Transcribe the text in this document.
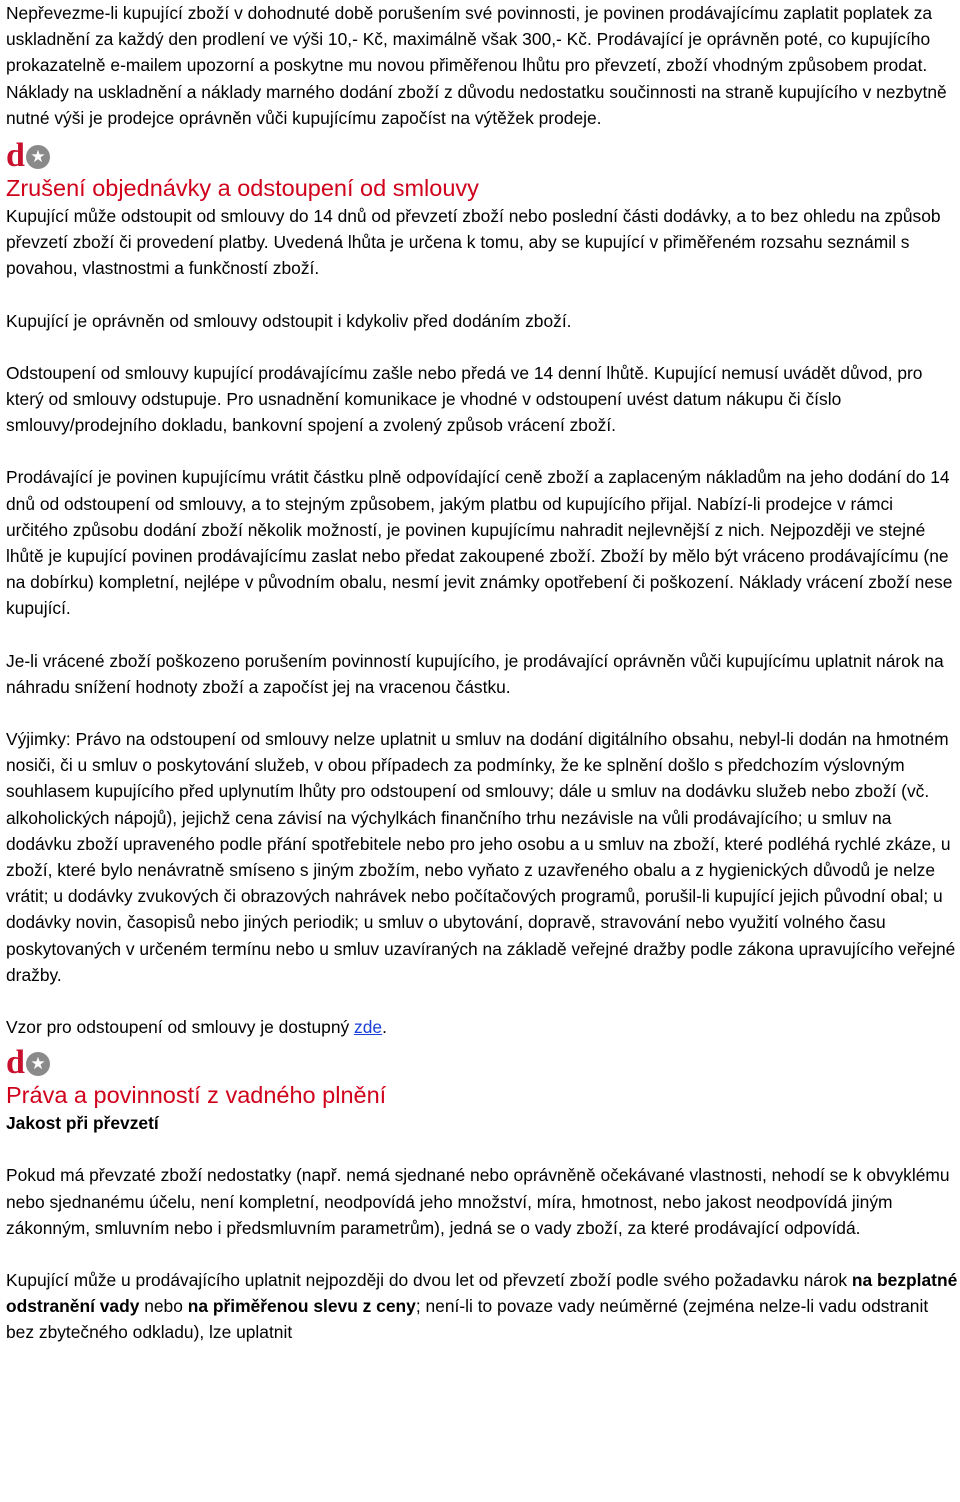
Nepřevezme-li kupující zboží v dohodnuté době porušením své povinnosti, je povinen prodávajícímu zaplatit poplatek za uskladnění za každý den prodlení ve výši 10,- Kč, maximálně však 300,- Kč. Prodávající je oprávněn poté, co kupujícího prokazatelně e-mailem upozorní a poskytne mu novou přiměřenou lhůtu pro převzetí, zboží vhodným způsobem prodat. Náklady na uskladnění a náklady marného dodání zboží z důvodu nedostatku součinnosti na straně kupujícího v nezbytně nutné výši je prodejce oprávněn vůči kupujícímu započíst na výtěžek prodeje.

d ★
Zrušení objednávky a odstoupení od smlouvy

Kupující může odstoupit od smlouvy do 14 dnů od převzetí zboží nebo poslední části dodávky, a to bez ohledu na způsob převzetí zboží či provedení platby. Uvedená lhůta je určena k tomu, aby se kupující v přiměřeném rozsahu seznámil s povahou, vlastnostmi a funkčností zboží.

Kupující je oprávněn od smlouvy odstoupit i kdykoliv před dodáním zboží.

Odstoupení od smlouvy kupující prodávajícímu zašle nebo předá ve 14 denní lhůtě. Kupující nemusí uvádět důvod, pro který od smlouvy odstupuje. Pro usnadnění komunikace je vhodné v odstoupení uvést datum nákupu či číslo smlouvy/prodejního dokladu, bankovní spojení a zvolený způsob vrácení zboží.

Prodávající je povinen kupujícímu vrátit částku plně odpovídající ceně zboží a zaplaceným nákladům na jeho dodání do 14 dnů od odstoupení od smlouvy, a to stejným způsobem, jakým platbu od kupujícího přijal. Nabízí-li prodejce v rámci určitého způsobu dodání zboží několik možností, je povinen kupujícímu nahradit nejlevnější z nich. Nejpozději ve stejné lhůtě je kupující povinen prodávajícímu zaslat nebo předat zakoupené zboží. Zboží by mělo být vráceno prodávajícímu (ne na dobírku) kompletní, nejlépe v původním obalu, nesmí jevit známky opotřebení či poškození. Náklady vrácení zboží nese kupující.

Je-li vrácené zboží poškozeno porušením povinností kupujícího, je prodávající oprávněn vůči kupujícímu uplatnit nárok na náhradu snížení hodnoty zboží a započíst jej na vracenou částku.

Výjimky: Právo na odstoupení od smlouvy nelze uplatnit u smluv na dodání digitálního obsahu, nebyl-li dodán na hmotném nosiči, či u smluv o poskytování služeb, v obou případech za podmínky, že ke splnění došlo s předchozím výslovným souhlasem kupujícího před uplynutím lhůty pro odstoupení od smlouvy; dále u smluv na dodávku služeb nebo zboží (vč. alkoholických nápojů), jejichž cena závisí na výchylkách finančního trhu nezávisle na vůli prodávajícího; u smluv na dodávku zboží upraveného podle přání spotřebitele nebo pro jeho osobu a u smluv na zboží, které podléhá rychlé zkáze, u zboží, které bylo nenávratně smíseno s jiným zbožím, nebo vyňato z uzavřeného obalu a z hygienických důvodů je nelze vrátit; u dodávky zvukových či obrazových nahrávek nebo počítačových programů, porušil-li kupující jejich původní obal; u dodávky novin, časopisů nebo jiných periodik; u smluv o ubytování, dopravě, stravování nebo využití volného času poskytovaných v určeném termínu nebo u smluv uzavíraných na základě veřejné dražby podle zákona upravujícího veřejné dražby.

Vzor pro odstoupení od smlouvy je dostupný zde.

d ★
Práva a povinností z vadného plnění
Jakost při převzetí

Pokud má převzaté zboží nedostatky (např. nemá sjednané nebo oprávněně očekávané vlastnosti, nehodí se k obvyklému nebo sjednanému účelu, není kompletní, neodpovídá jeho množství, míra, hmotnost, nebo jakost neodpovídá jiným zákonným, smluvním nebo i předsmluvním parametrům), jedná se o vady zboží, za které prodávající odpovídá.

Kupující může u prodávajícího uplatnit nejpozději do dvou let od převzetí zboží podle svého požadavku nárok na bezplatné odstranění vady nebo na přiměřenou slevu z ceny; není-li to povaze vady neúměrné (zejména nelze-li vadu odstranit bez zbytečného odkladu), lze uplatnit
